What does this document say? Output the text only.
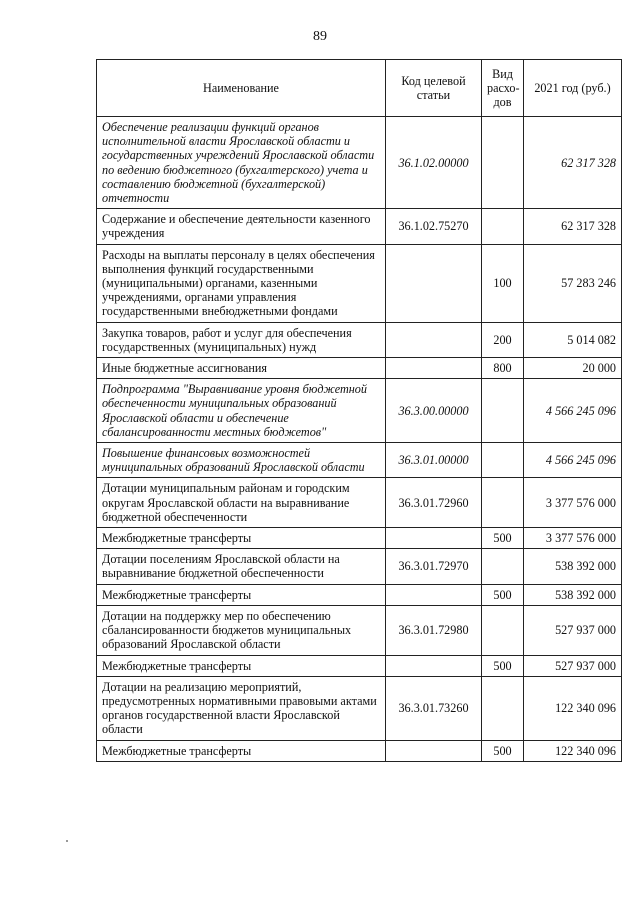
89
Наименование	Код целевой статьи	Вид расхо-дов	2021 год (руб.)
Обеспечение реализации функций органов исполнительной власти Ярославской области и государственных учреждений Ярославской области по ведению бюджетного (бухгалтерского) учета и составлению бюджетной (бухгалтерской) отчетности	36.1.02.00000		62 317 328
Содержание и обеспечение деятельности казенного учреждения	36.1.02.75270		62 317 328
Расходы на выплаты персоналу в целях обеспечения выполнения функций государственными (муниципальными) органами, казенными учреждениями, органами управления государственными внебюджетными фондами		100	57 283 246
Закупка товаров, работ и услуг для обеспечения государственных (муниципальных) нужд		200	5 014 082
Иные бюджетные ассигнования		800	20 000
Подпрограмма "Выравнивание уровня бюджетной обеспеченности муниципальных образований Ярославской области и обеспечение сбалансированности местных бюджетов"	36.3.00.00000		4 566 245 096
Повышение финансовых возможностей муниципальных образований Ярославской области	36.3.01.00000		4 566 245 096
Дотации муниципальным районам и городским округам Ярославской области на выравнивание бюджетной обеспеченности	36.3.01.72960		3 377 576 000
Межбюджетные трансферты		500	3 377 576 000
Дотации поселениям Ярославской области на выравнивание бюджетной обеспеченности	36.3.01.72970		538 392 000
Межбюджетные трансферты		500	538 392 000
Дотации на поддержку мер по обеспечению сбалансированности бюджетов муниципальных образований Ярославской области	36.3.01.72980		527 937 000
Межбюджетные трансферты		500	527 937 000
Дотации на реализацию мероприятий, предусмотренных нормативными правовыми актами органов государственной власти Ярославской области	36.3.01.73260		122 340 096
Межбюджетные трансферты		500	122 340 096
